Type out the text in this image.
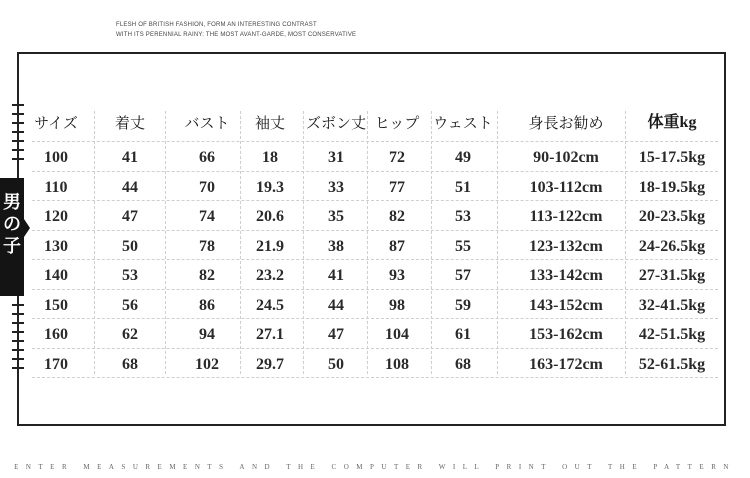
FLESH OF BRITISH FASHION, FORM AN INTERESTING CONTRAST
WITH ITS PERENNIAL RAINY: THE MOST AVANT-GARDE, MOST CONSERVATIVE
男
の
子
サイズ	着丈	バスト	袖丈	ズボン丈 ヒップ ウェスト	身長お勧め	体重kg
100	41	66	18	31	72	49	90-102cm	15-17.5kg
110	44	70	19.3	33	77	51	103-112cm	18-19.5kg
120	47	74	20.6	35	82	53	113-122cm	20-23.5kg
130	50	78	21.9	38	87	55	123-132cm	24-26.5kg
140	53	82	23.2	41	93	57	133-142cm	27-31.5kg
150	56	86	24.5	44	98	59	143-152cm	32-41.5kg
160	62	94	27.1	47	104	61	153-162cm	42-51.5kg
170	68	102	29.7	50	108	68	163-172cm	52-61.5kg
ENTER MEASUREMENTS AND THE COMPUTER WILL PRINT OUT THE PATTERN
